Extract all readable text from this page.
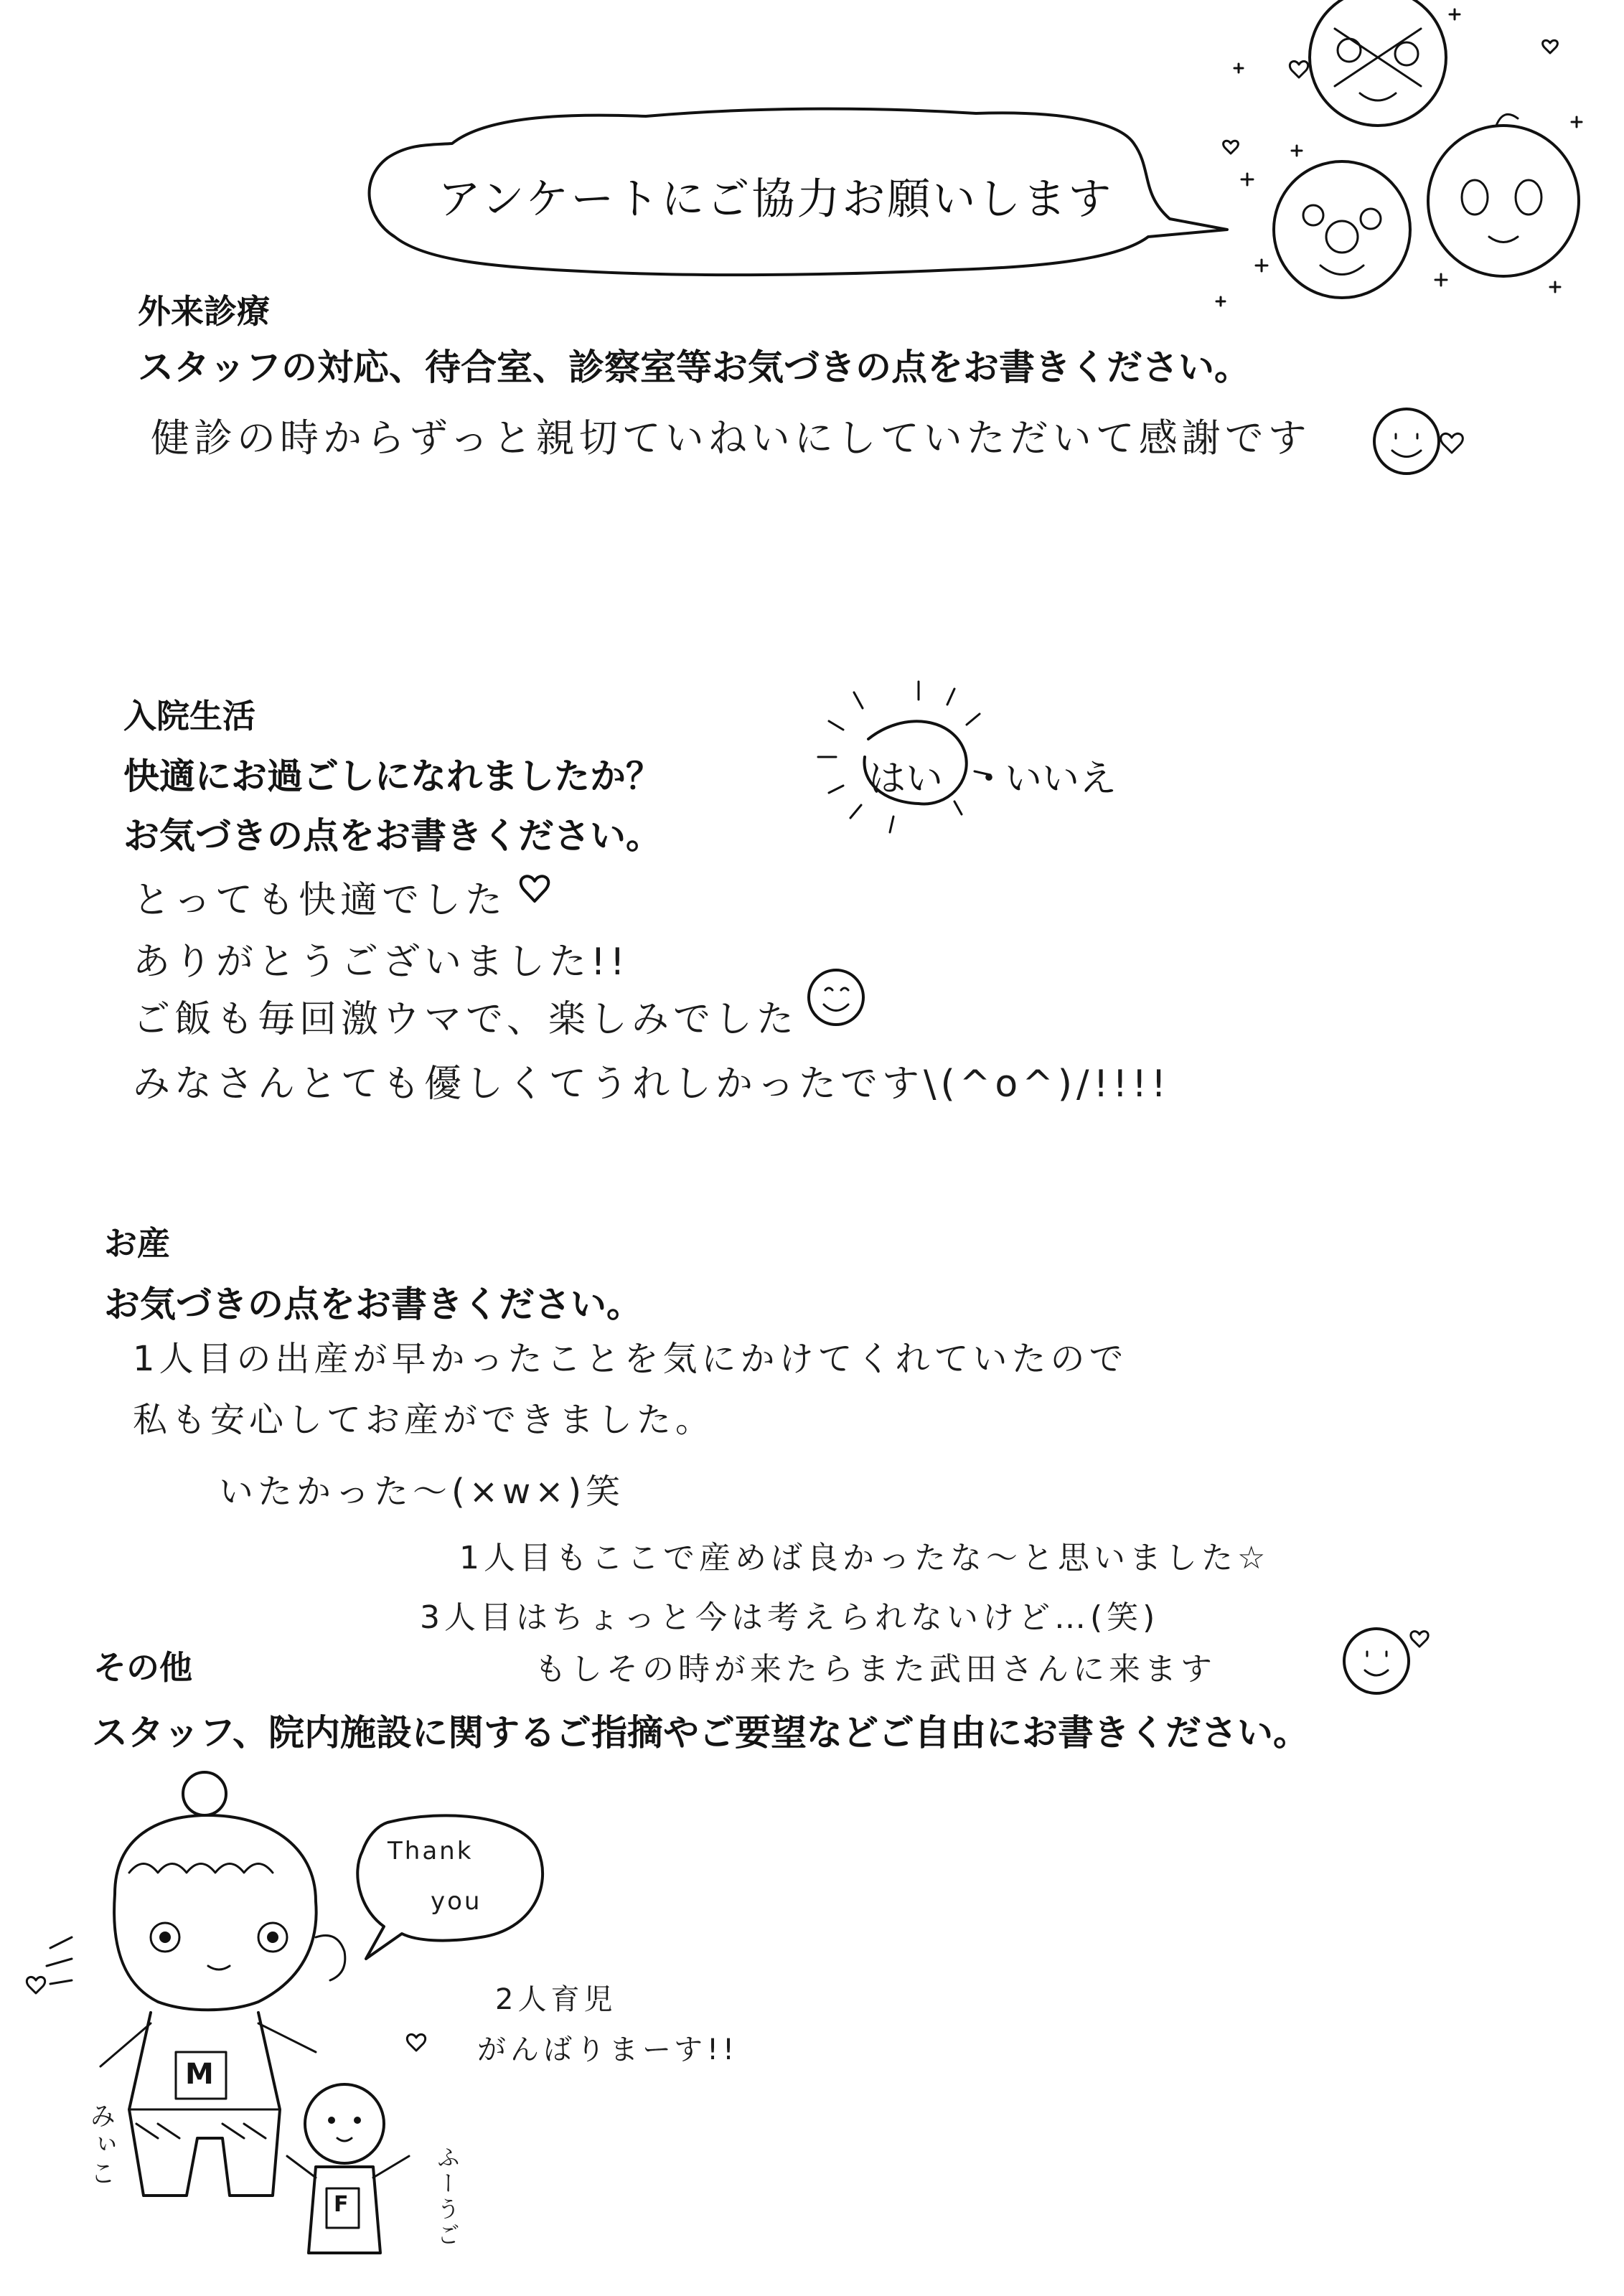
アンケートにご協力お願いします
外来診療
スタッフの対応、待合室、診察室等お気づきの点をお書きください。
健診の時からずっと親切ていねいにしていただいて感謝です
入院生活
快適にお過ごしになれましたか？
お気づきの点をお書きください。
はい ・
いいえ
とっても快適でした
ありがとうございました!!
ご飯も毎回激ウマで、楽しみでした
みなさんとても優しくてうれしかったです\(^o^)/!!!!
お産
お気づきの点をお書きください。
1人目の出産が早かったことを気にかけてくれていたので
私も安心してお産ができました。
いたかった〜(×w×)笑
1人目もここで産めば良かったな〜と思いました☆
3人目はちょっと今は考えられないけど…(笑)
もしその時が来たらまた武田さんに来ます
その他
スタッフ、院内施設に関するご指摘やご要望などご自由にお書きください。
Thank
you
M
F
みぃこ	ふーうご
2人育児
がんばりまーす!!
